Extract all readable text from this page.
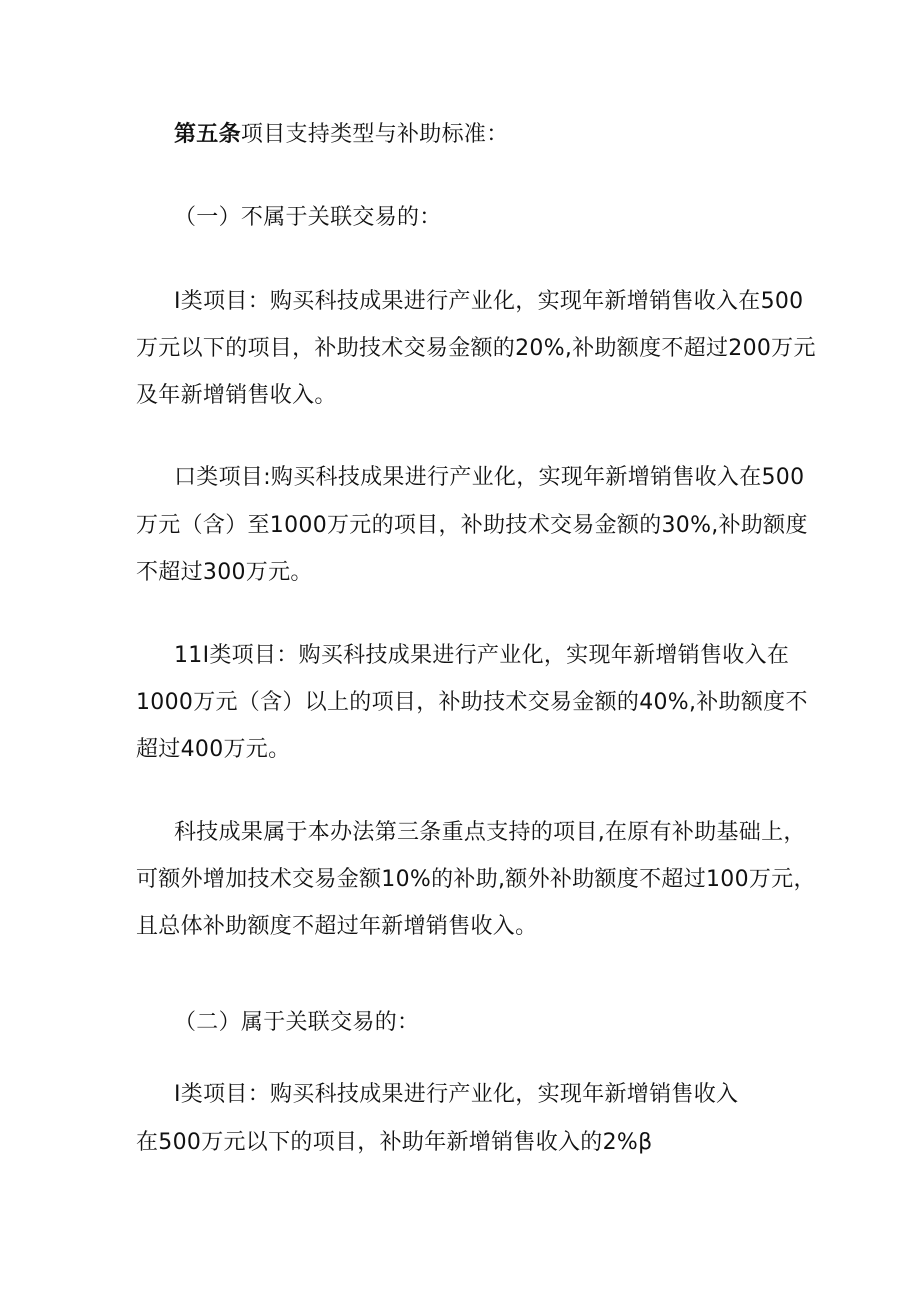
第五条项目支持类型与补助标准：
（一）不属于关联交易的：
I类项目：购买科技成果进行产业化，实现年新增销售收入在500
万元以下的项目，补助技术交易金额的20%,补助额度不超过200万元
及年新增销售收入。
口类项目:购买科技成果进行产业化，实现年新增销售收入在500
万元（含）至1000万元的项目，补助技术交易金额的30%,补助额度
不超过300万元。
11I类项目：购买科技成果进行产业化，实现年新增销售收入在
1000万元（含）以上的项目，补助技术交易金额的40%,补助额度不
超过400万元。
科技成果属于本办法第三条重点支持的项目,在原有补助基础上，
可额外增加技术交易金额10%的补助,额外补助额度不超过100万元，
且总体补助额度不超过年新增销售收入。
（二）属于关联交易的：
I类项目：购买科技成果进行产业化，实现年新增销售收入
在500万元以下的项目，补助年新增销售收入的2%β
